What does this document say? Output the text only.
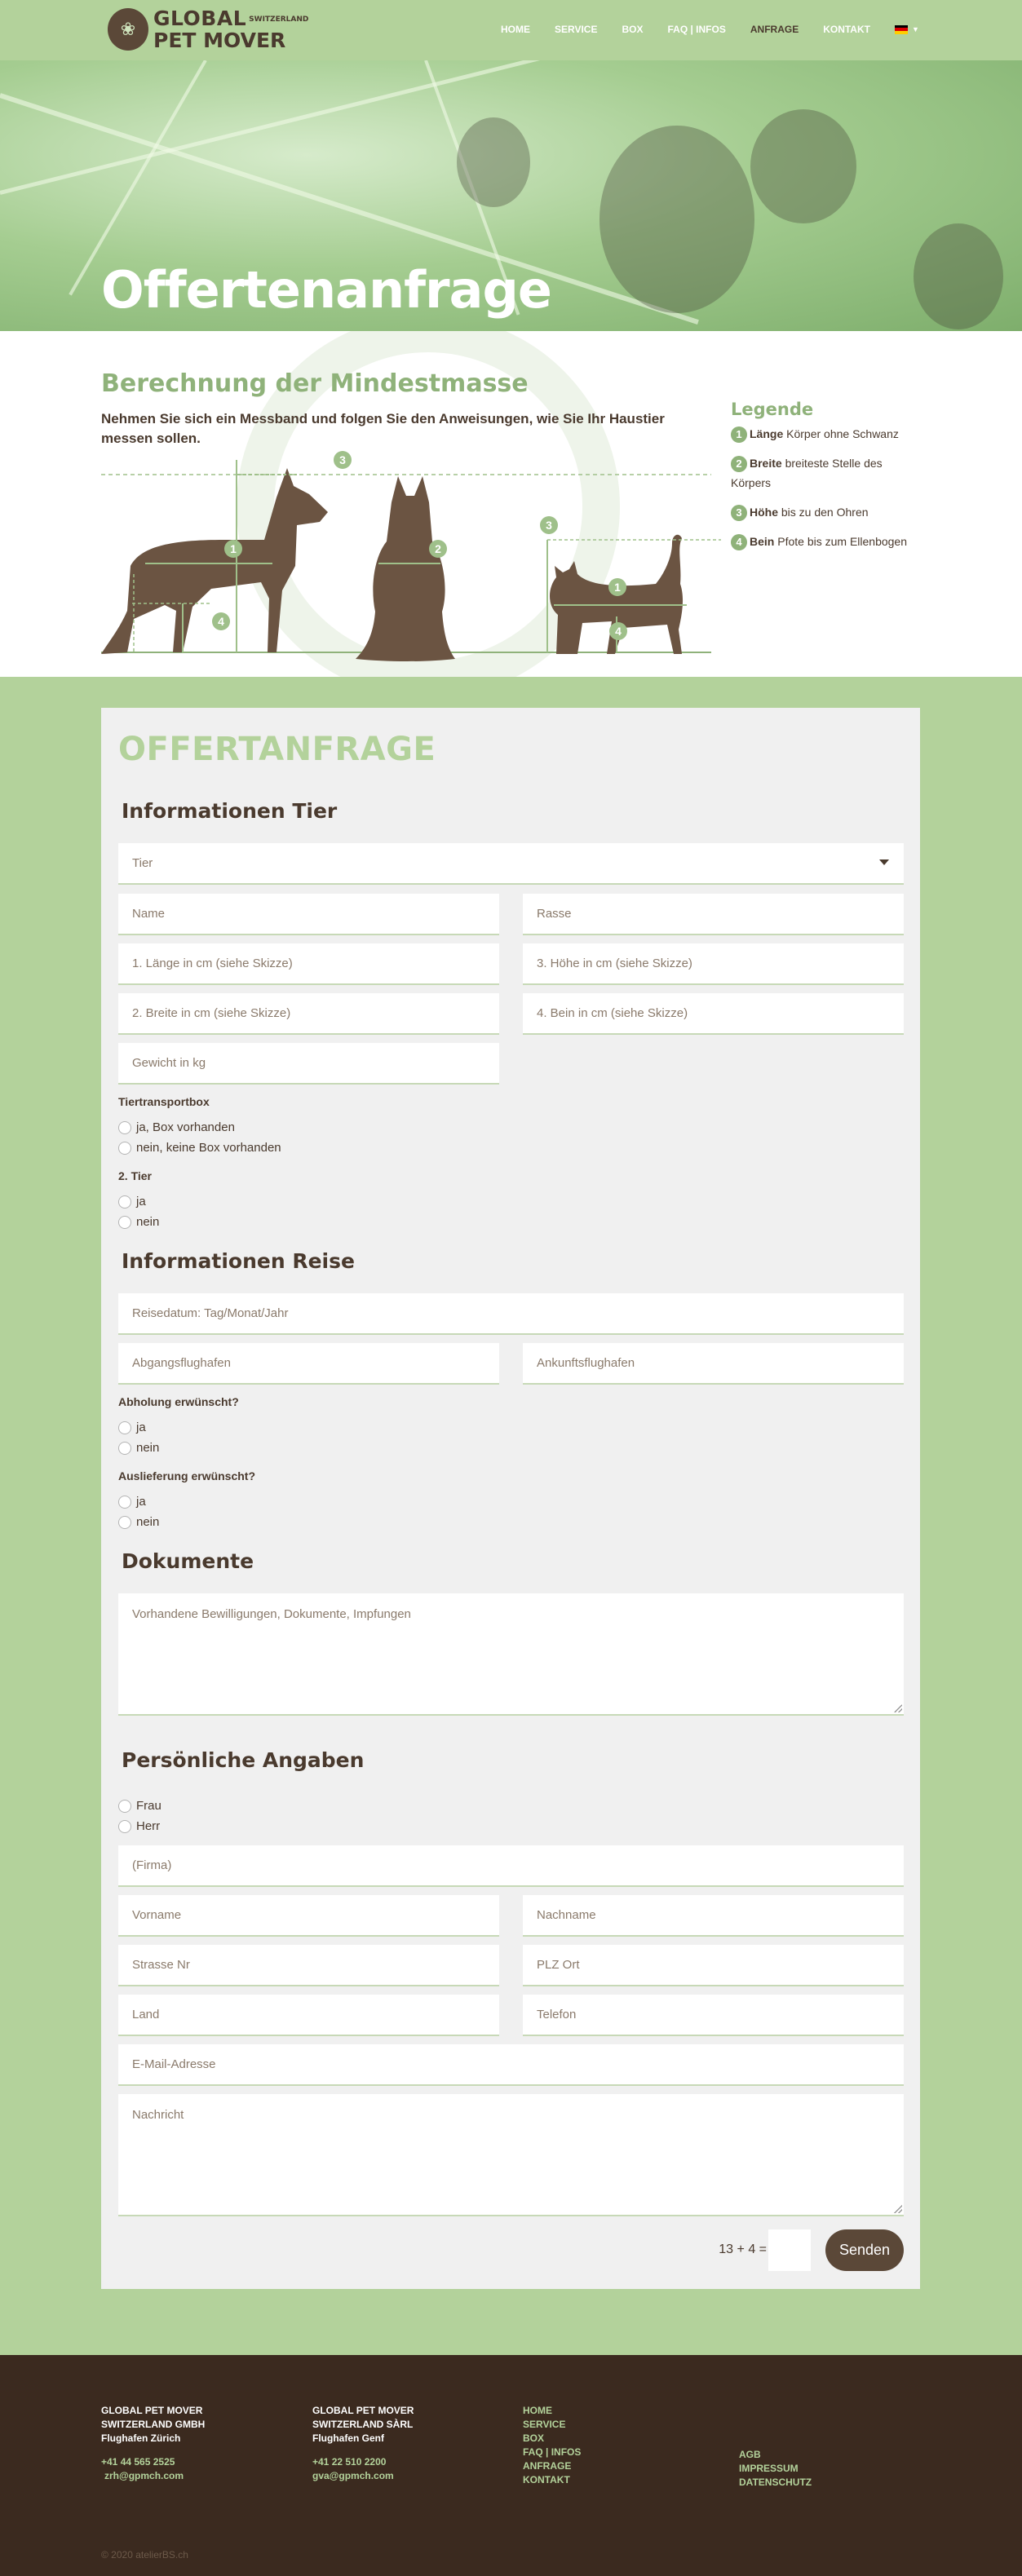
❀ GLOBAL SWITZERLAND
PET MOVER	HOME	SERVICE	BOX	FAQ | INFOS	ANFRAGE	KONTAKT	▼
Offertenanfrage
Berechnung der Mindestmasse
Nehmen Sie sich ein Messband und folgen Sie den Anweisungen, wie Sie Ihr Haustier messen sollen.
1
3
4
2
3
1
4
Legende
1 Länge Körper ohne Schwanz
2 Breite breiteste Stelle des Körpers
3 Höhe bis zu den Ohren
4 Bein Pfote bis zum Ellenbogen
OFFERTANFRAGE
Informationen Tier
Tier
Name	Rasse
1. Länge in cm (siehe Skizze)	3. Höhe in cm (siehe Skizze)
2. Breite in cm (siehe Skizze)	4. Bein in cm (siehe Skizze)
Gewicht in kg
Tiertransportbox
ja, Box vorhanden
nein, keine Box vorhanden
2. Tier
ja
nein
Informationen Reise
Reisedatum: Tag/Monat/Jahr
Abgangsflughafen	Ankunftsflughafen
Abholung erwünscht?
ja
nein
Auslieferung erwünscht?
ja
nein
Dokumente
Vorhandene Bewilligungen, Dokumente, Impfungen
Persönliche Angaben
Frau
Herr
(Firma)
Vorname	Nachname
Strasse Nr	PLZ Ort
Land	Telefon
E-Mail-Adresse
Nachricht
13 + 4 =	Senden
GLOBAL PET MOVER
SWITZERLAND GMBH
Flughafen Zürich
+41 44 565 2525
zrh@gpmch.com
GLOBAL PET MOVER
SWITZERLAND SÀRL
Flughafen Genf
+41 22 510 2200
gva@gpmch.com
HOME
SERVICE
BOX
FAQ | INFOS
ANFRAGE
KONTAKT
AGB
IMPRESSUM
DATENSCHUTZ
© 2020 atelierBS.ch
